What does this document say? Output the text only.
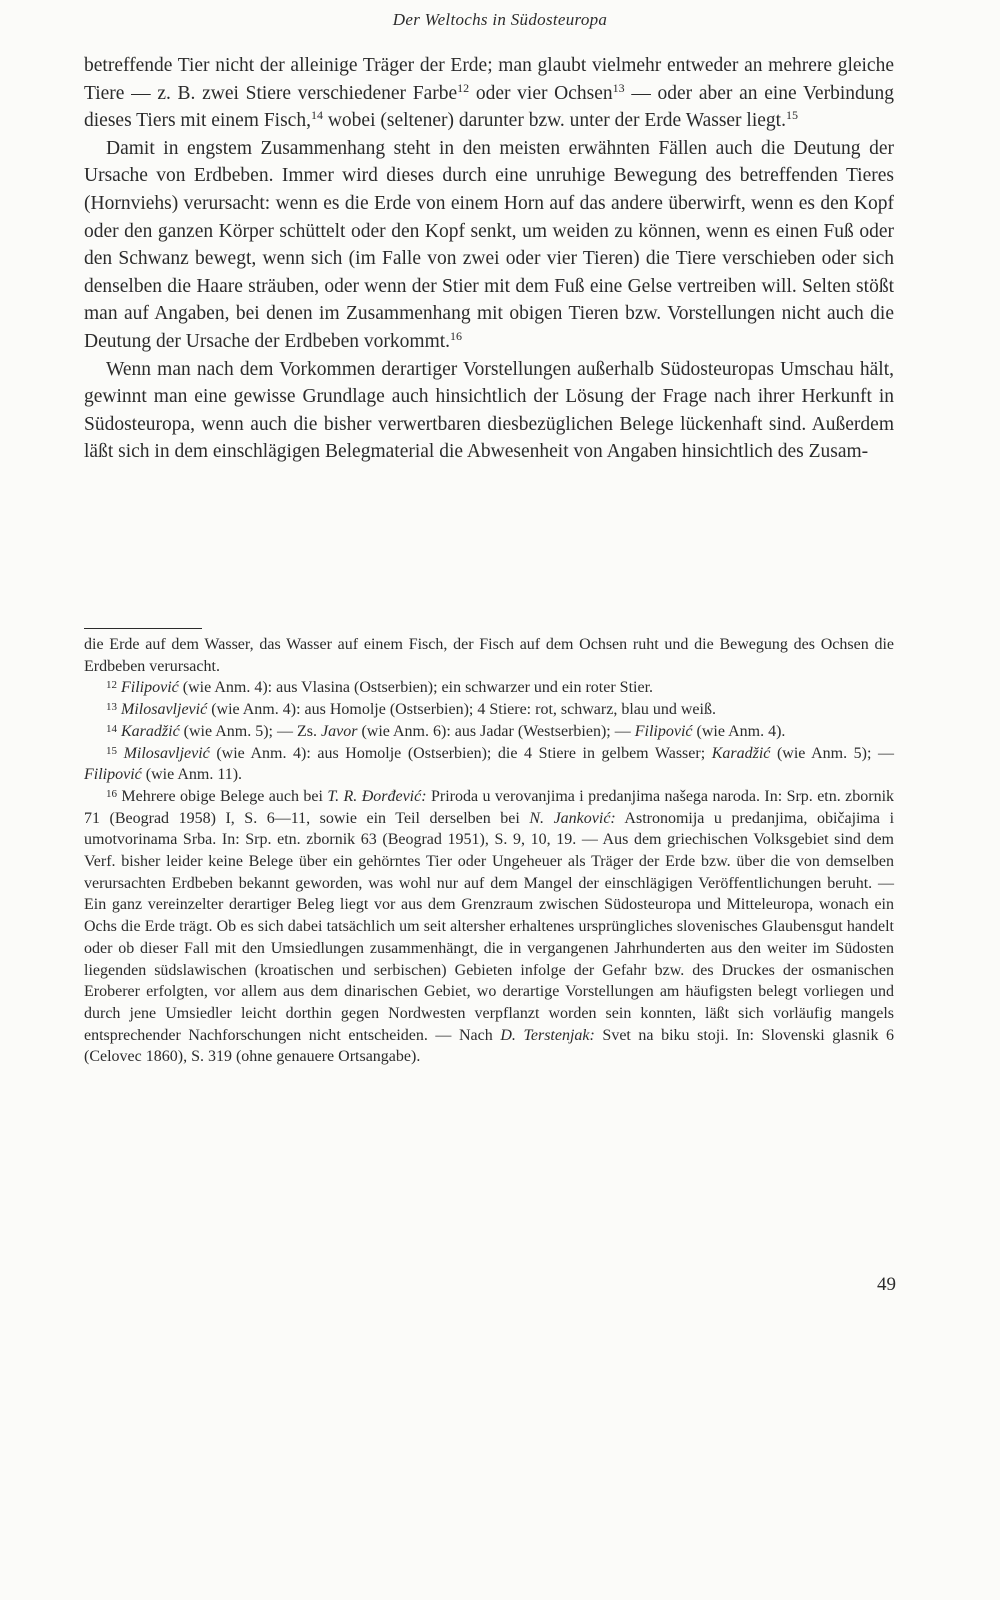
Der Weltochs in Südosteuropa

betreffende Tier nicht der alleinige Träger der Erde; man glaubt vielmehr entweder an mehrere gleiche Tiere — z. B. zwei Stiere verschiedener Farbe$^{12}$ oder vier Ochsen$^{13}$ — oder aber an eine Verbindung dieses Tiers mit einem Fisch,$^{14}$ wobei (seltener) darunter bzw. unter der Erde Wasser liegt.$^{15}$

Damit in engstem Zusammenhang steht in den meisten erwähnten Fällen auch die Deutung der Ursache von Erdbeben. Immer wird dieses durch eine unruhige Bewegung des betreffenden Tieres (Hornviehs) verursacht: wenn es die Erde von einem Horn auf das andere überwirft, wenn es den Kopf oder den ganzen Körper schüttelt oder den Kopf senkt, um weiden zu können, wenn es einen Fuß oder den Schwanz bewegt, wenn sich (im Falle von zwei oder vier Tieren) die Tiere verschieben oder sich denselben die Haare sträuben, oder wenn der Stier mit dem Fuß eine Gelse vertreiben will. Selten stößt man auf Angaben, bei denen im Zusammenhang mit obigen Tieren bzw. Vorstellungen nicht auch die Deutung der Ursache der Erdbeben vorkommt.$^{16}$

Wenn man nach dem Vorkommen derartiger Vorstellungen außerhalb Südosteuropas Umschau hält, gewinnt man eine gewisse Grundlage auch hinsichtlich der Lösung der Frage nach ihrer Herkunft in Südosteuropa, wenn auch die bisher verwertbaren diesbezüglichen Belege lückenhaft sind. Außerdem läßt sich in dem einschlägigen Belegmaterial die Abwesenheit von Angaben hinsichtlich des Zusam-

die Erde auf dem Wasser, das Wasser auf einem Fisch, der Fisch auf dem Ochsen ruht und die Bewegung des Ochsen die Erdbeben verursacht.

$^{12}$ Filipović (wie Anm. 4): aus Vlasina (Ostserbien); ein schwarzer und ein roter Stier.

$^{13}$ Milosavljević (wie Anm. 4): aus Homolje (Ostserbien); 4 Stiere: rot, schwarz, blau und weiß.

$^{14}$ Karadžić (wie Anm. 5); — Zs. Javor (wie Anm. 6): aus Jadar (Westserbien); — Filipović (wie Anm. 4).

$^{15}$ Milosavljević (wie Anm. 4): aus Homolje (Ostserbien); die 4 Stiere in gelbem Wasser; Karadžić (wie Anm. 5); — Filipović (wie Anm. 11).

$^{16}$ Mehrere obige Belege auch bei T. R. Đorđević: Priroda u verovanjima i predanjima našega naroda. In: Srp. etn. zbornik 71 (Beograd 1958) I, S. 6—11, sowie ein Teil derselben bei N. Janković: Astronomija u predanjima, običajima i umotvorinama Srba. In: Srp. etn. zbornik 63 (Beograd 1951), S. 9, 10, 19. — Aus dem griechischen Volksgebiet sind dem Verf. bisher leider keine Belege über ein gehörntes Tier oder Ungeheuer als Träger der Erde bzw. über die von demselben verursachten Erdbeben bekannt geworden, was wohl nur auf dem Mangel der einschlägigen Veröffentlichungen beruht. — Ein ganz vereinzelter derartiger Beleg liegt vor aus dem Grenzraum zwischen Südosteuropa und Mitteleuropa, wonach ein Ochs die Erde trägt. Ob es sich dabei tatsächlich um seit altersher erhaltenes ursprüngliches slovenisches Glaubensgut handelt oder ob dieser Fall mit den Umsiedlungen zusammenhängt, die in vergangenen Jahrhunderten aus den weiter im Südosten liegenden südslawischen (kroatischen und serbischen) Gebieten infolge der Gefahr bzw. des Druckes der osmanischen Eroberer erfolgten, vor allem aus dem dinarischen Gebiet, wo derartige Vorstellungen am häufigsten belegt vorliegen und durch jene Umsiedler leicht dorthin gegen Nordwesten verpflanzt worden sein konnten, läßt sich vorläufig mangels entsprechender Nachforschungen nicht entscheiden. — Nach D. Terstenjak: Svet na biku stoji. In: Slovenski glasnik 6 (Celovec 1860), S. 319 (ohne genauere Ortsangabe).

49
